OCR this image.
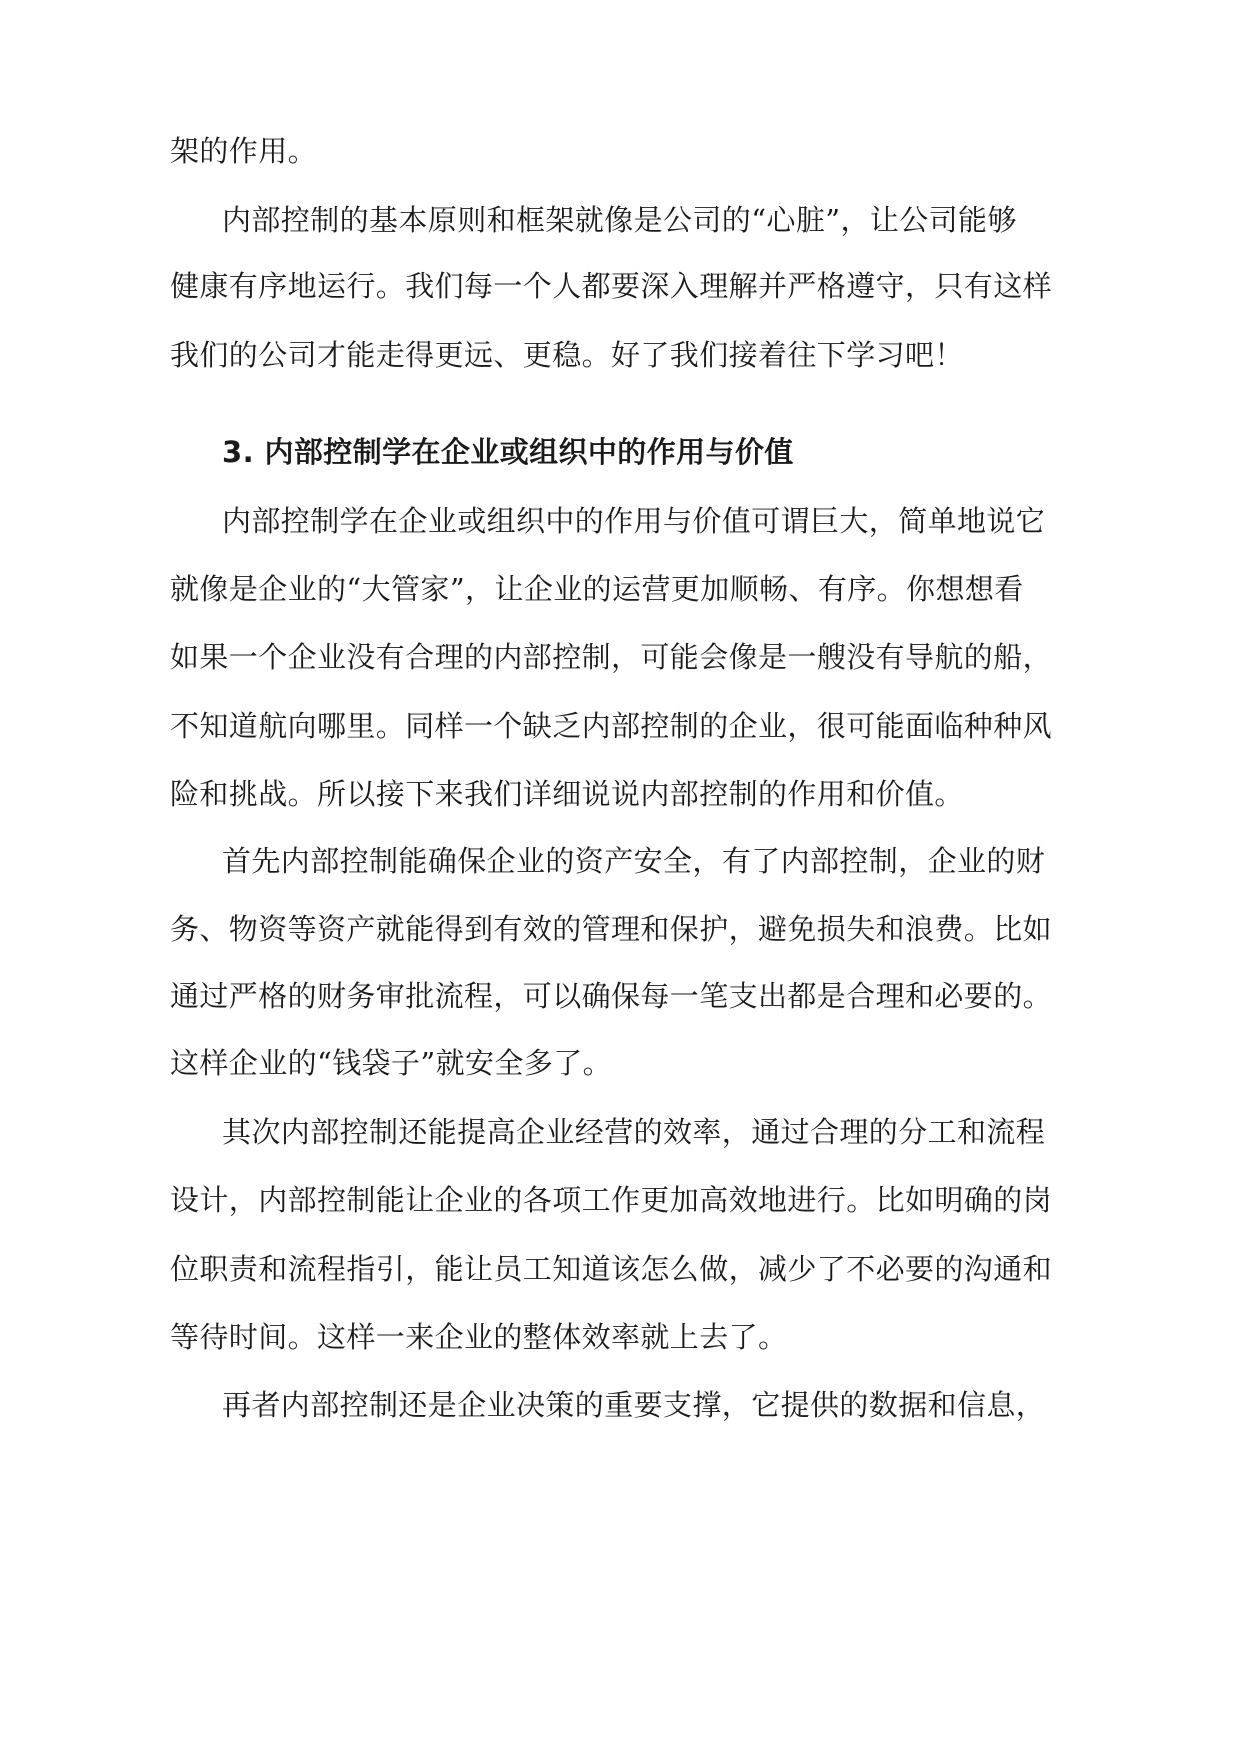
架的作用。
内部控制的基本原则和框架就像是公司的“心脏”，让公司能够
健康有序地运行。我们每一个人都要深入理解并严格遵守，只有这样
我们的公司才能走得更远、更稳。好了我们接着往下学习吧！
3. 内部控制学在企业或组织中的作用与价值
内部控制学在企业或组织中的作用与价值可谓巨大，简单地说它
就像是企业的“大管家”，让企业的运营更加顺畅、有序。你想想看
如果一个企业没有合理的内部控制，可能会像是一艘没有导航的船，
不知道航向哪里。同样一个缺乏内部控制的企业，很可能面临种种风
险和挑战。所以接下来我们详细说说内部控制的作用和价值。
首先内部控制能确保企业的资产安全，有了内部控制，企业的财
务、物资等资产就能得到有效的管理和保护，避免损失和浪费。比如
通过严格的财务审批流程，可以确保每一笔支出都是合理和必要的。
这样企业的“钱袋子”就安全多了。
其次内部控制还能提高企业经营的效率，通过合理的分工和流程
设计，内部控制能让企业的各项工作更加高效地进行。比如明确的岗
位职责和流程指引，能让员工知道该怎么做，减少了不必要的沟通和
等待时间。这样一来企业的整体效率就上去了。
再者内部控制还是企业决策的重要支撑，它提供的数据和信息，
